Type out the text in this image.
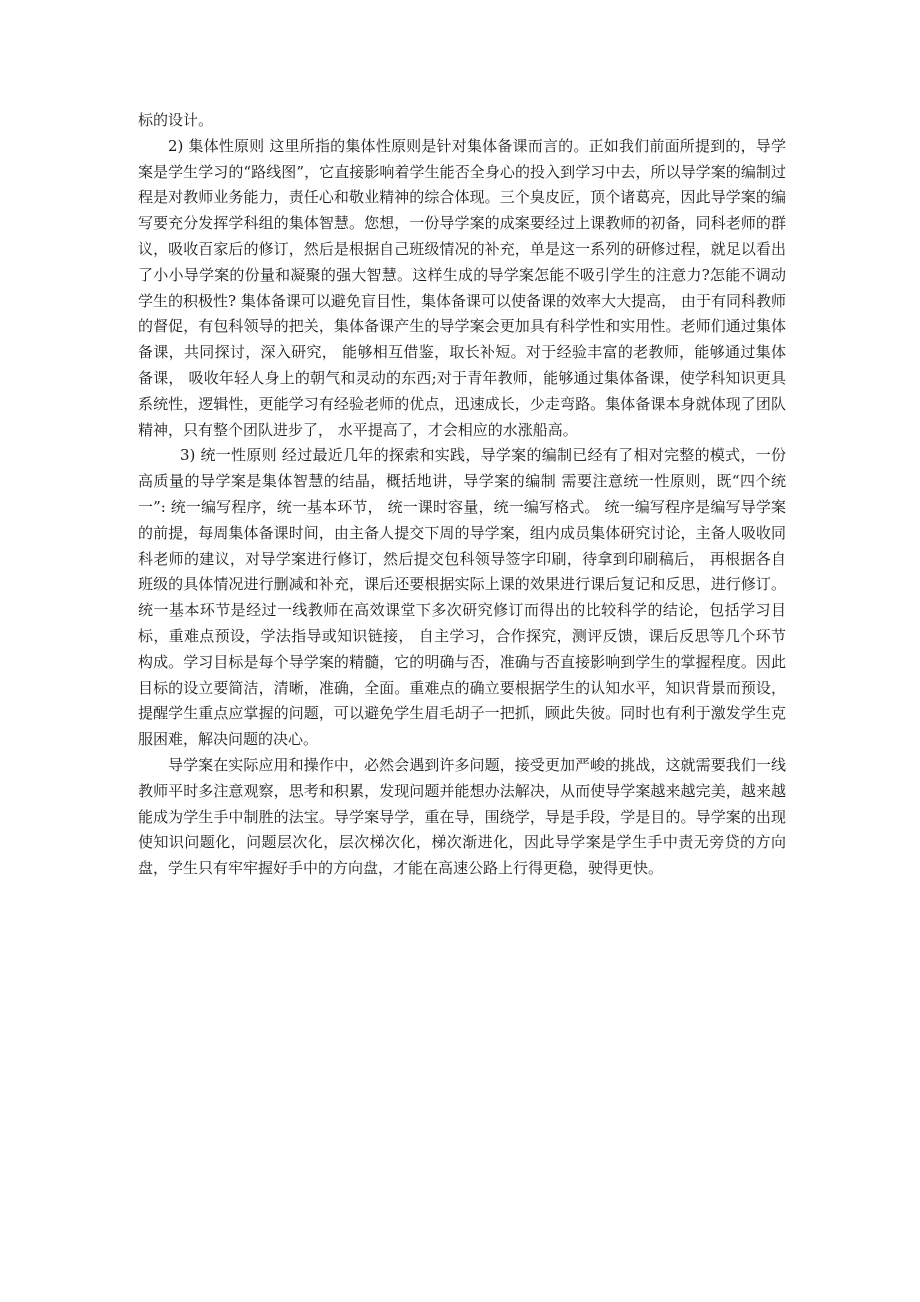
标的设计。

2) 集体性原则 这里所指的集体性原则是针对集体备课而言的。正如我们前面所提到的，导学案是学生学习的“路线图”，它直接影响着学生能否全身心的投入到学习中去，所以导学案的编制过程是对教师业务能力，责任心和敬业精神的综合体现。三个臭皮匠，顶个诸葛亮，因此导学案的编写要充分发挥学科组的集体智慧。您想，一份导学案的成案要经过上课教师的初备，同科老师的群议，吸收百家后的修订，然后是根据自己班级情况的补充，单是这一系列的研修过程，就足以看出了小小导学案的份量和凝聚的强大智慧。这样生成的导学案怎能不吸引学生的注意力?怎能不调动学生的积极性? 集体备课可以避免盲目性，集体备课可以使备课的效率大大提高， 由于有同科教师的督促，有包科领导的把关，集体备课产生的导学案会更加具有科学性和实用性。老师们通过集体备课，共同探讨，深入研究， 能够相互借鉴，取长补短。对于经验丰富的老教师，能够通过集体备课， 吸收年轻人身上的朝气和灵动的东西;对于青年教师，能够通过集体备课，使学科知识更具系统性，逻辑性，更能学习有经验老师的优点，迅速成长，少走弯路。集体备课本身就体现了团队精神，只有整个团队进步了， 水平提高了，才会相应的水涨船高。

3) 统一性原则 经过最近几年的探索和实践，导学案的编制已经有了相对完整的模式，一份高质量的导学案是集体智慧的结晶，概括地讲，导学案的编制 需要注意统一性原则，既“四个统一”: 统一编写程序，统一基本环节， 统一课时容量，统一编写格式。 统一编写程序是编写导学案的前提，每周集体备课时间，由主备人提交下周的导学案，组内成员集体研究讨论，主备人吸收同科老师的建议，对导学案进行修订，然后提交包科领导签字印刷，待拿到印刷稿后， 再根据各自班级的具体情况进行删减和补充，课后还要根据实际上课的效果进行课后复记和反思，进行修订。 统一基本环节是经过一线教师在高效课堂下多次研究修订而得出的比较科学的结论，包括学习目标，重难点预设，学法指导或知识链接， 自主学习，合作探究，测评反馈，课后反思等几个环节构成。学习目标是每个导学案的精髓，它的明确与否，准确与否直接影响到学生的掌握程度。因此目标的设立要简洁，清晰，准确，全面。重难点的确立要根据学生的认知水平，知识背景而预设，提醒学生重点应掌握的问题，可以避免学生眉毛胡子一把抓，顾此失彼。同时也有利于激发学生克服困难，解决问题的决心。

导学案在实际应用和操作中，必然会遇到许多问题，接受更加严峻的挑战，这就需要我们一线教师平时多注意观察，思考和积累，发现问题并能想办法解决，从而使导学案越来越完美，越来越能成为学生手中制胜的法宝。导学案导学，重在导，围绕学，导是手段，学是目的。导学案的出现使知识问题化，问题层次化，层次梯次化，梯次渐进化，因此导学案是学生手中责无旁贷的方向盘，学生只有牢牢握好手中的方向盘，才能在高速公路上行得更稳，驶得更快。
